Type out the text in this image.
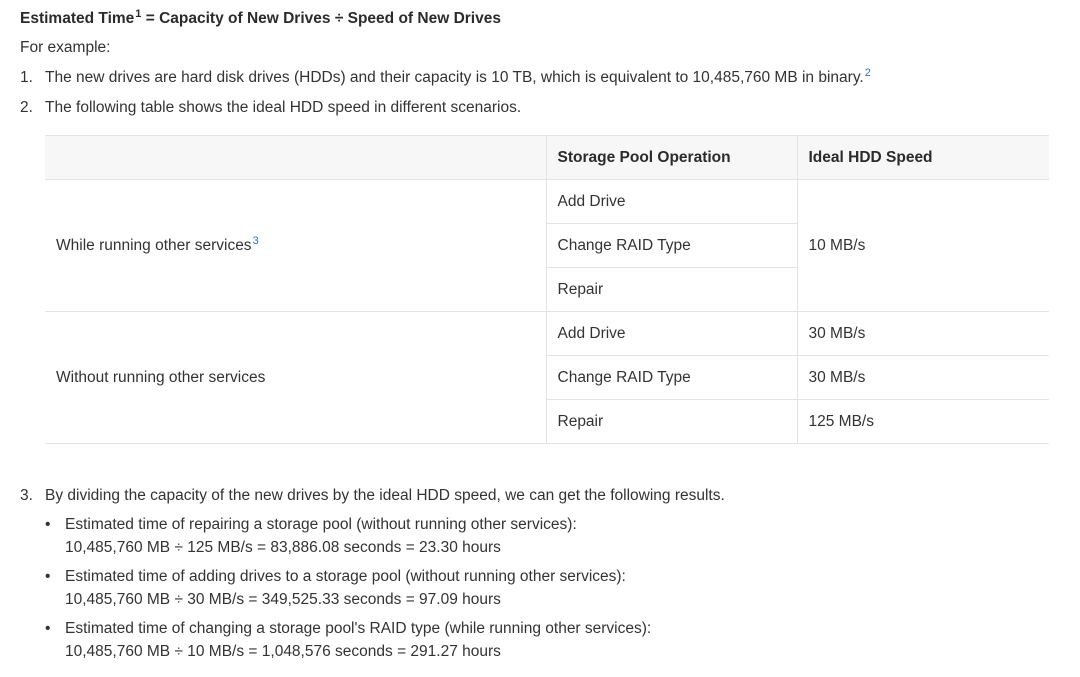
Estimated Time$^1$ = Capacity of New Drives ÷ Speed of New Drives
For example:
1. The new drives are hard disk drives (HDDs) and their capacity is 10 TB, which is equivalent to 10,485,760 MB in binary.$^2$
2. The following table shows the ideal HDD speed in different scenarios.
	Storage Pool Operation	Ideal HDD Speed
While running other services$^3$	Add Drive	10 MB/s
	Change RAID Type	
	Repair	
Without running other services	Add Drive	30 MB/s
	Change RAID Type	30 MB/s
	Repair	125 MB/s
3. By dividing the capacity of the new drives by the ideal HDD speed, we can get the following results.
• Estimated time of repairing a storage pool (without running other services):
10,485,760 MB ÷ 125 MB/s = 83,886.08 seconds = 23.30 hours
• Estimated time of adding drives to a storage pool (without running other services):
10,485,760 MB ÷ 30 MB/s = 349,525.33 seconds = 97.09 hours
• Estimated time of changing a storage pool's RAID type (while running other services):
10,485,760 MB ÷ 10 MB/s = 1,048,576 seconds = 291.27 hours
